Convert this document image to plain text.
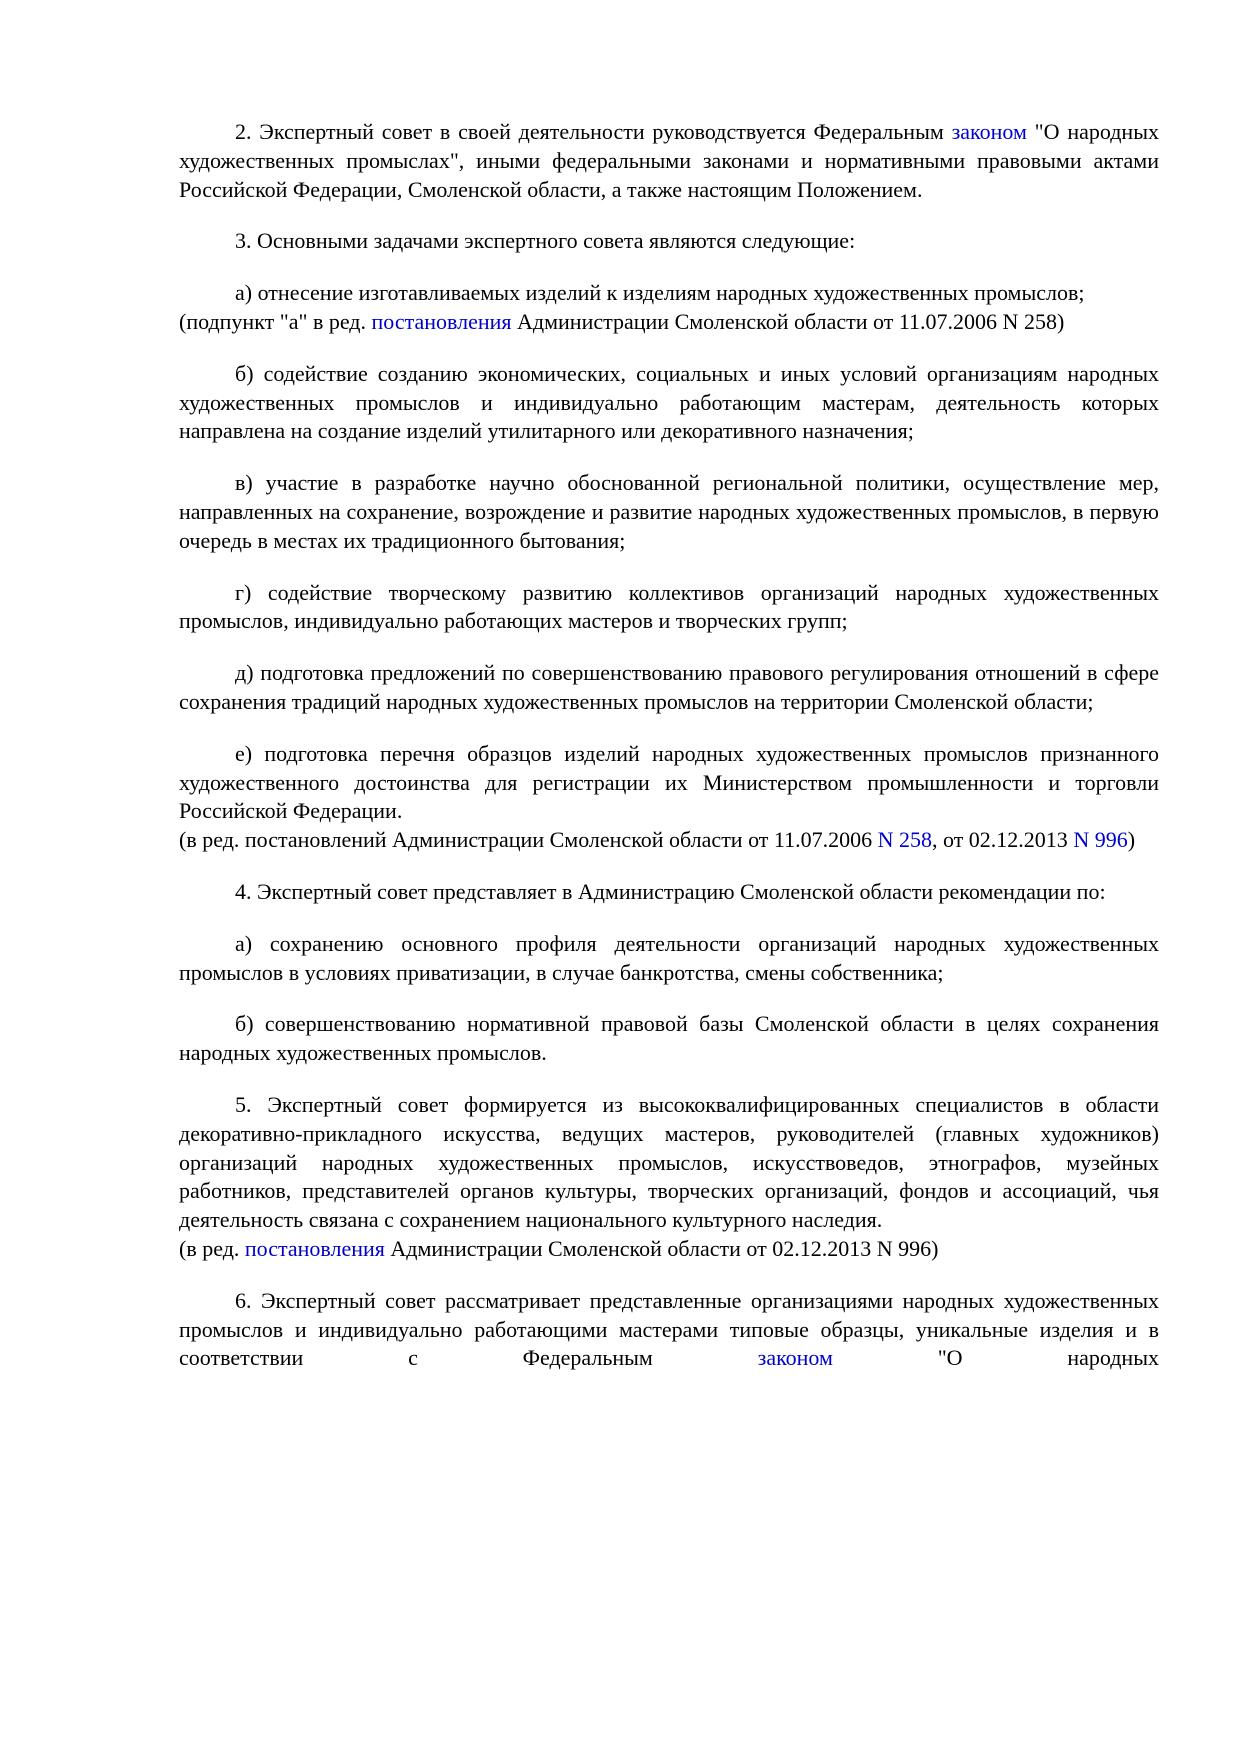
2. Экспертный совет в своей деятельности руководствуется Федеральным законом "О народных художественных промыслах", иными федеральными законами и нормативными правовыми актами Российской Федерации, Смоленской области, а также настоящим Положением.

3. Основными задачами экспертного совета являются следующие:

а) отнесение изготавливаемых изделий к изделиям народных художественных промыслов;

(подпункт "а" в ред. постановления Администрации Смоленской области от 11.07.2006 N 258)

б) содействие созданию экономических, социальных и иных условий организациям народных художественных промыслов и индивидуально работающим мастерам, деятельность которых направлена на создание изделий утилитарного или декоративного назначения;

в) участие в разработке научно обоснованной региональной политики, осуществление мер, направленных на сохранение, возрождение и развитие народных художественных промыслов, в первую очередь в местах их традиционного бытования;

г) содействие творческому развитию коллективов организаций народных художественных промыслов, индивидуально работающих мастеров и творческих групп;

д) подготовка предложений по совершенствованию правового регулирования отношений в сфере сохранения традиций народных художественных промыслов на территории Смоленской области;

е) подготовка перечня образцов изделий народных художественных промыслов признанного художественного достоинства для регистрации их Министерством промышленности и торговли Российской Федерации.

(в ред. постановлений Администрации Смоленской области от 11.07.2006 N 258, от 02.12.2013 N 996)

4. Экспертный совет представляет в Администрацию Смоленской области рекомендации по:

а) сохранению основного профиля деятельности организаций народных художественных промыслов в условиях приватизации, в случае банкротства, смены собственника;

б) совершенствованию нормативной правовой базы Смоленской области в целях сохранения народных художественных промыслов.

5. Экспертный совет формируется из высококвалифицированных специалистов в области декоративно-прикладного искусства, ведущих мастеров, руководителей (главных художников) организаций народных художественных промыслов, искусствоведов, этнографов, музейных работников, представителей органов культуры, творческих организаций, фондов и ассоциаций, чья деятельность связана с сохранением национального культурного наследия.

(в ред. постановления Администрации Смоленской области от 02.12.2013 N 996)

6. Экспертный совет рассматривает представленные организациями народных художественных промыслов и индивидуально работающими мастерами типовые образцы, уникальные изделия и в соответствии с Федеральным законом "О народных
